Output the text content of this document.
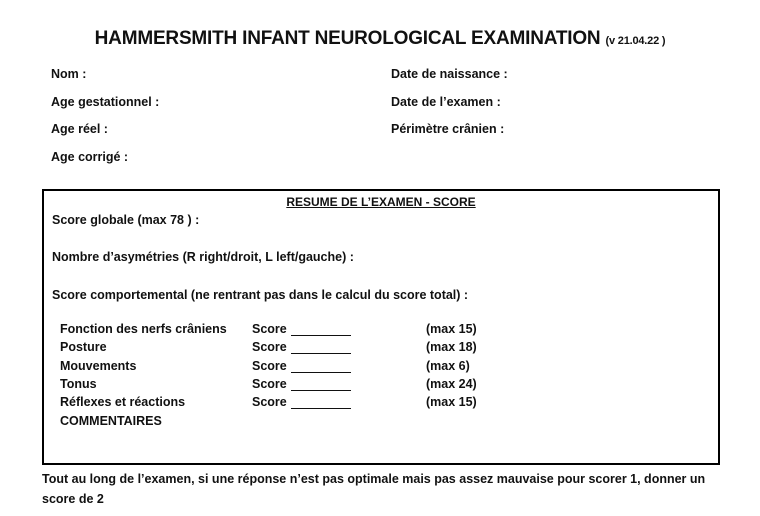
HAMMERSMITH INFANT NEUROLOGICAL EXAMINATION (v 21.04.22 )
Nom :
Age gestationnel :
Age réel :
Age corrigé :
Date de naissance :
Date de l’examen :
Périmètre crânien :
RESUME DE L’EXAMEN - SCORE
Score globale (max 78 ) :
Nombre d’asymétries (R right/droit, L left/gauche) :
Score comportemental (ne rentrant pas dans le calcul du score total) :
Fonction des nerfs crâniens Score	(max 15)
Posture	Score	(max 18)
Mouvements	Score	(max 6)
Tonus	Score	(max 24)
Réflexes et réactions	Score	(max 15)
COMMENTAIRES
Tout au long de l’examen, si une réponse n’est pas optimale mais pas assez mauvaise pour scorer 1, donner un score de 2
